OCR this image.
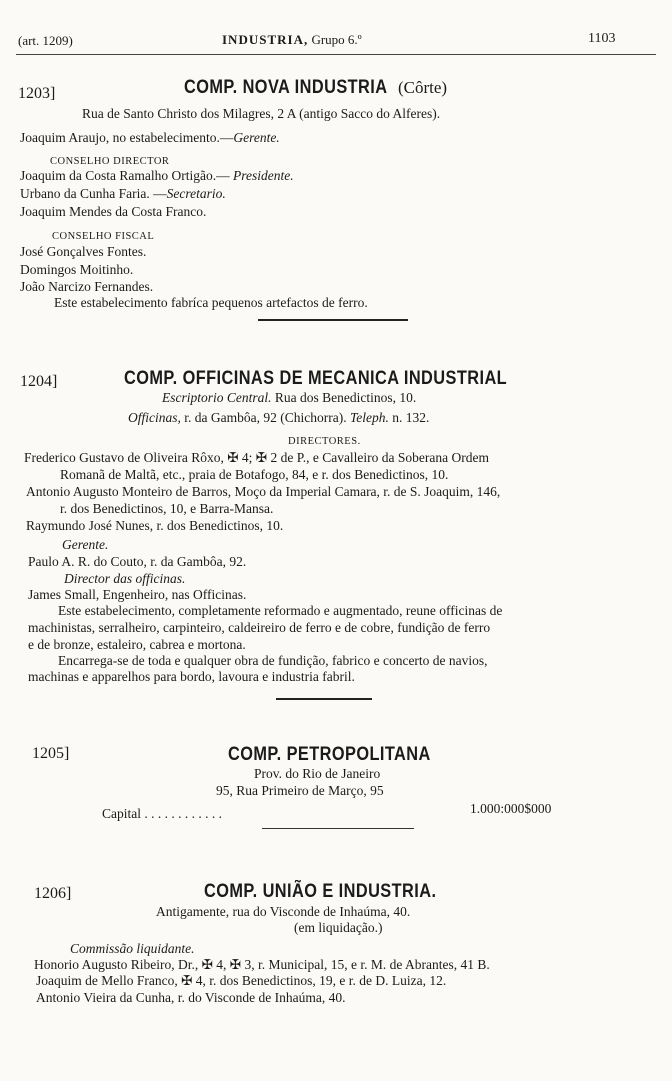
(art. 1209)	INDUSTRIA, Grupo 6.º	1103
1203]	COMP. NOVA INDUSTRIA (Côrte)
Rua de Santo Christo dos Milagres, 2 A (antigo Sacco do Alferes).
Joaquim Araujo, no estabelecimento.—Gerente.
CONSELHO DIRECTOR
Joaquim da Costa Ramalho Ortigão.— Presidente.
Urbano da Cunha Faria. —Secretario.
Joaquim Mendes da Costa Franco.
CONSELHO FISCAL
José Gonçalves Fontes.
Domingos Moitinho.
João Narcizo Fernandes.
Este estabelecimento fabríca pequenos artefactos de ferro.
1204]	COMP. OFFICINAS DE MECANICA INDUSTRIAL
Escriptorio Central. Rua dos Benedictinos, 10.
Officinas, r. da Gambôa, 92 (Chichorra). Teleph. n. 132.
DIRECTORES.
Frederico Gustavo de Oliveira Rôxo, ✠ 4; ✠ 2 de P., e Cavalleiro da Soberana Ordem
Romanã de Maltã, etc., praia de Botafogo, 84, e r. dos Benedictinos, 10.
Antonio Augusto Monteiro de Barros, Moço da Imperial Camara, r. de S. Joaquim, 146,
r. dos Benedictinos, 10, e Barra-Mansa.
Raymundo José Nunes, r. dos Benedictinos, 10.
Gerente.
Paulo A. R. do Couto, r. da Gambôa, 92.
Director das officinas.
James Small, Engenheiro, nas Officinas.
Este estabelecimento, completamente reformado e augmentado, reune officinas de
machinistas, serralheiro, carpinteiro, caldeireiro de ferro e de cobre, fundição de ferro
e de bronze, estaleiro, cabrea e mortona.
Encarrega-se de toda e qualquer obra de fundição, fabrico e concerto de navios,
machinas e apparelhos para bordo, lavoura e industria fabril.
1205]	COMP. PETROPOLITANA
Prov. do Rio de Janeiro
95, Rua Primeiro de Março, 95
Capital . . . . . . . . . . . .	1.000:000$000
1206]	COMP. UNIÃO E INDUSTRIA.
Antigamente, rua do Visconde de Inhaúma, 40.
(em liquidação.)
Commissão liquidante.
Honorio Augusto Ribeiro, Dr., ✠ 4, ✠ 3, r. Municipal, 15, e r. M. de Abrantes, 41 B.
Joaquim de Mello Franco, ✠ 4, r. dos Benedictinos, 19, e r. de D. Luiza, 12.
Antonio Vieira da Cunha, r. do Visconde de Inhaúma, 40.
